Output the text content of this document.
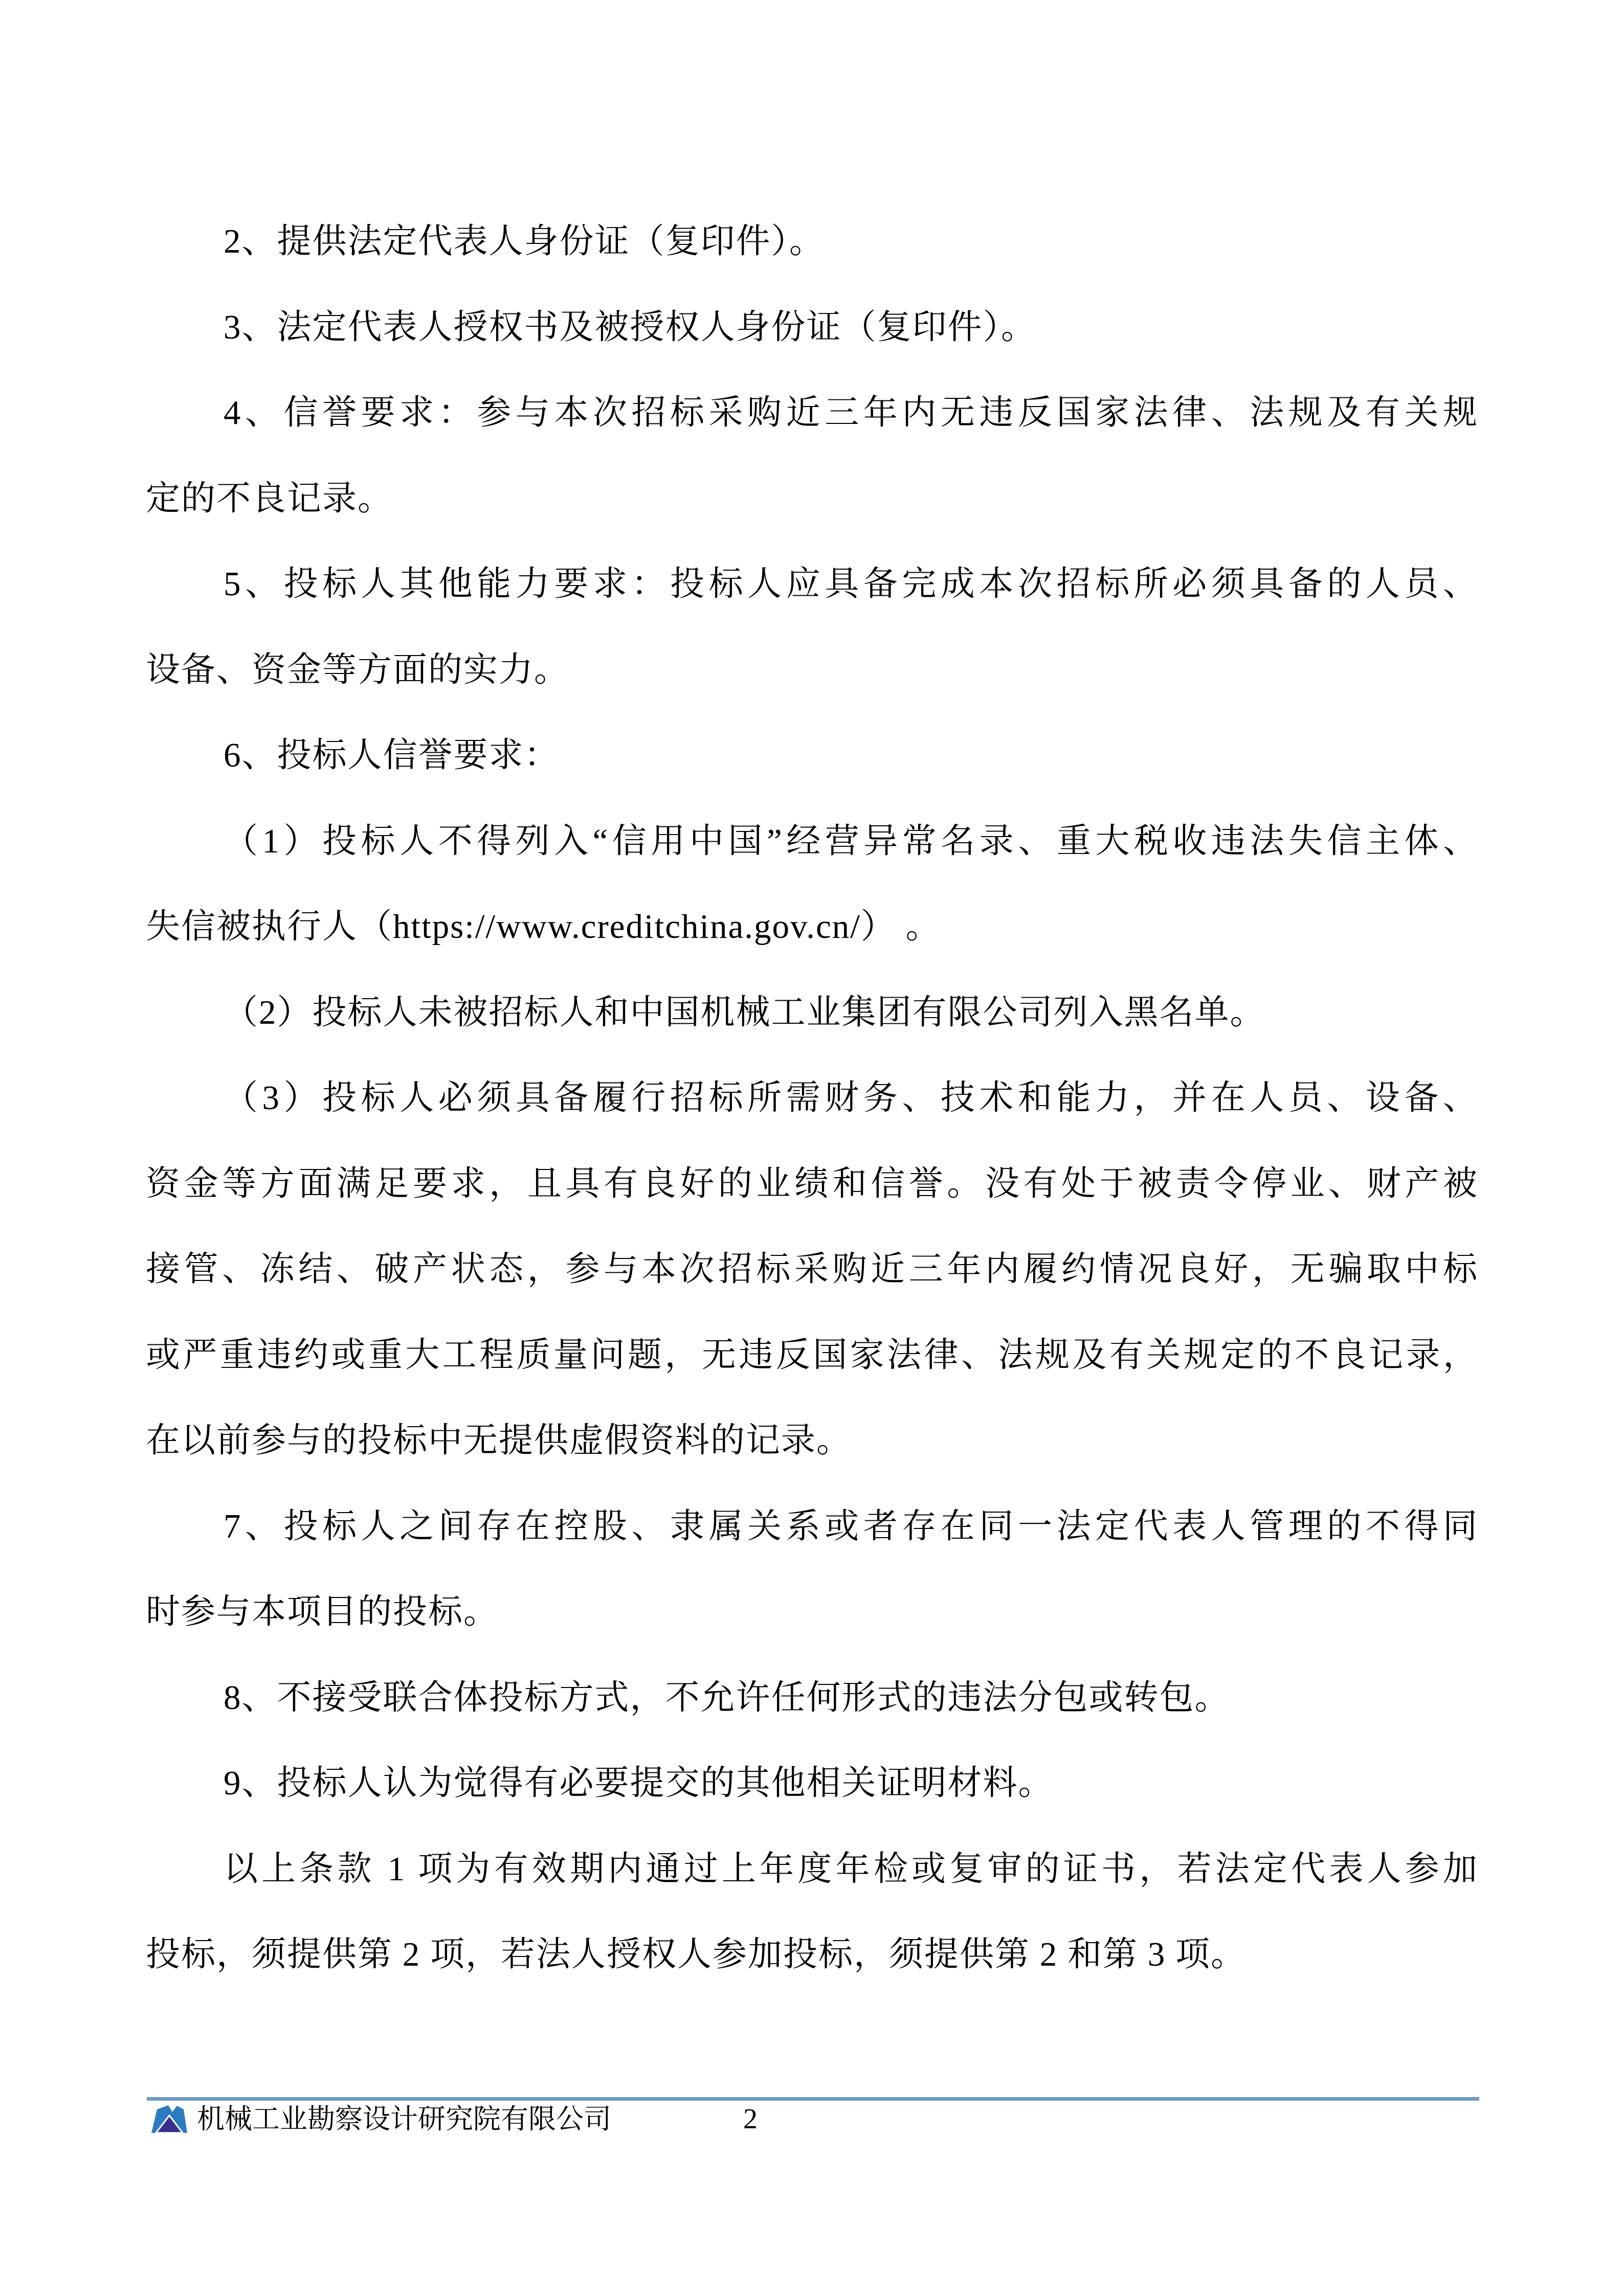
2、提供法定代表人身份证（复印件）。
3、法定代表人授权书及被授权人身份证（复印件）。
4、信誉要求：参与本次招标采购近三年内无违反国家法律、法规及有关规
定的不良记录。
5、投标人其他能力要求：投标人应具备完成本次招标所必须具备的人员、
设备、资金等方面的实力。
6、投标人信誉要求：
（1）投标人不得列入“信用中国”经营异常名录、重大税收违法失信主体、
失信被执行人（https://www.creditchina.gov.cn/） 。
（2）投标人未被招标人和中国机械工业集团有限公司列入黑名单。
（3）投标人必须具备履行招标所需财务、技术和能力，并在人员、设备、
资金等方面满足要求，且具有良好的业绩和信誉。没有处于被责令停业、财产被
接管、冻结、破产状态，参与本次招标采购近三年内履约情况良好，无骗取中标
或严重违约或重大工程质量问题，无违反国家法律、法规及有关规定的不良记录，
在以前参与的投标中无提供虚假资料的记录。
7、投标人之间存在控股、隶属关系或者存在同一法定代表人管理的不得同
时参与本项目的投标。
8、不接受联合体投标方式，不允许任何形式的违法分包或转包。
9、投标人认为觉得有必要提交的其他相关证明材料。
以上条款 1 项为有效期内通过上年度年检或复审的证书，若法定代表人参加
投标，须提供第 2 项，若法人授权人参加投标，须提供第 2 和第 3 项。
机械工业勘察设计研究院有限公司	2
